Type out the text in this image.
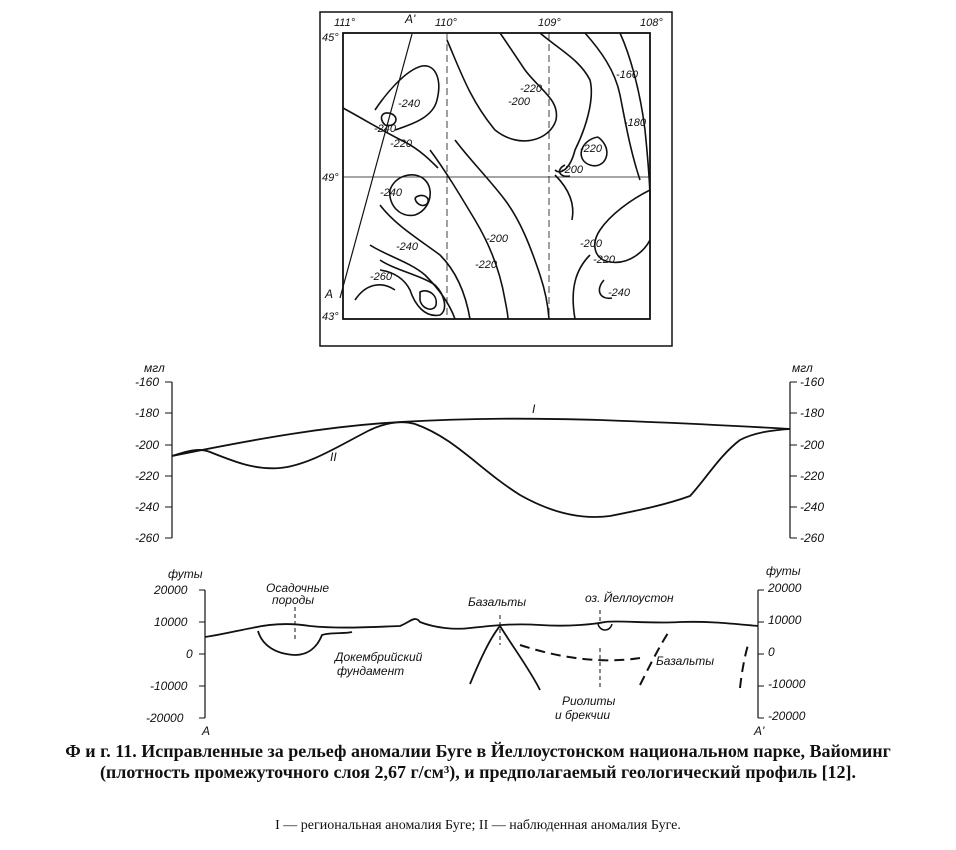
111°	110°	109°	108°
45°
49°
43°
A
A'
-240
-240
-220
-200
-220
-220
-200
-160
-180
-240
-200
-220
-240	-200
-260
-220
-240
мгл	мгл
-160
-180
-200
-220
-240
-260
-160
-180
-200
-220
-240
-260
I
II
футы	футы
20000
10000
0
-10000
-20000
20000
10000
0
-10000
-20000
Осадочные
породы
Докембрийский
фундамент
Базальты	оз. Йеллоустон
Базальты
Риолиты
и брекчии
A	A'
Ф и г. 11. Исправленные за рельеф аномалии Буге в Йеллоустонском национальном парке, Вайоминг (плотность промежуточного слоя 2,67 г/см³), и предполагаемый геологический профиль [12].
I — региональная аномалия Буге; II — наблюденная аномалия Буге.
